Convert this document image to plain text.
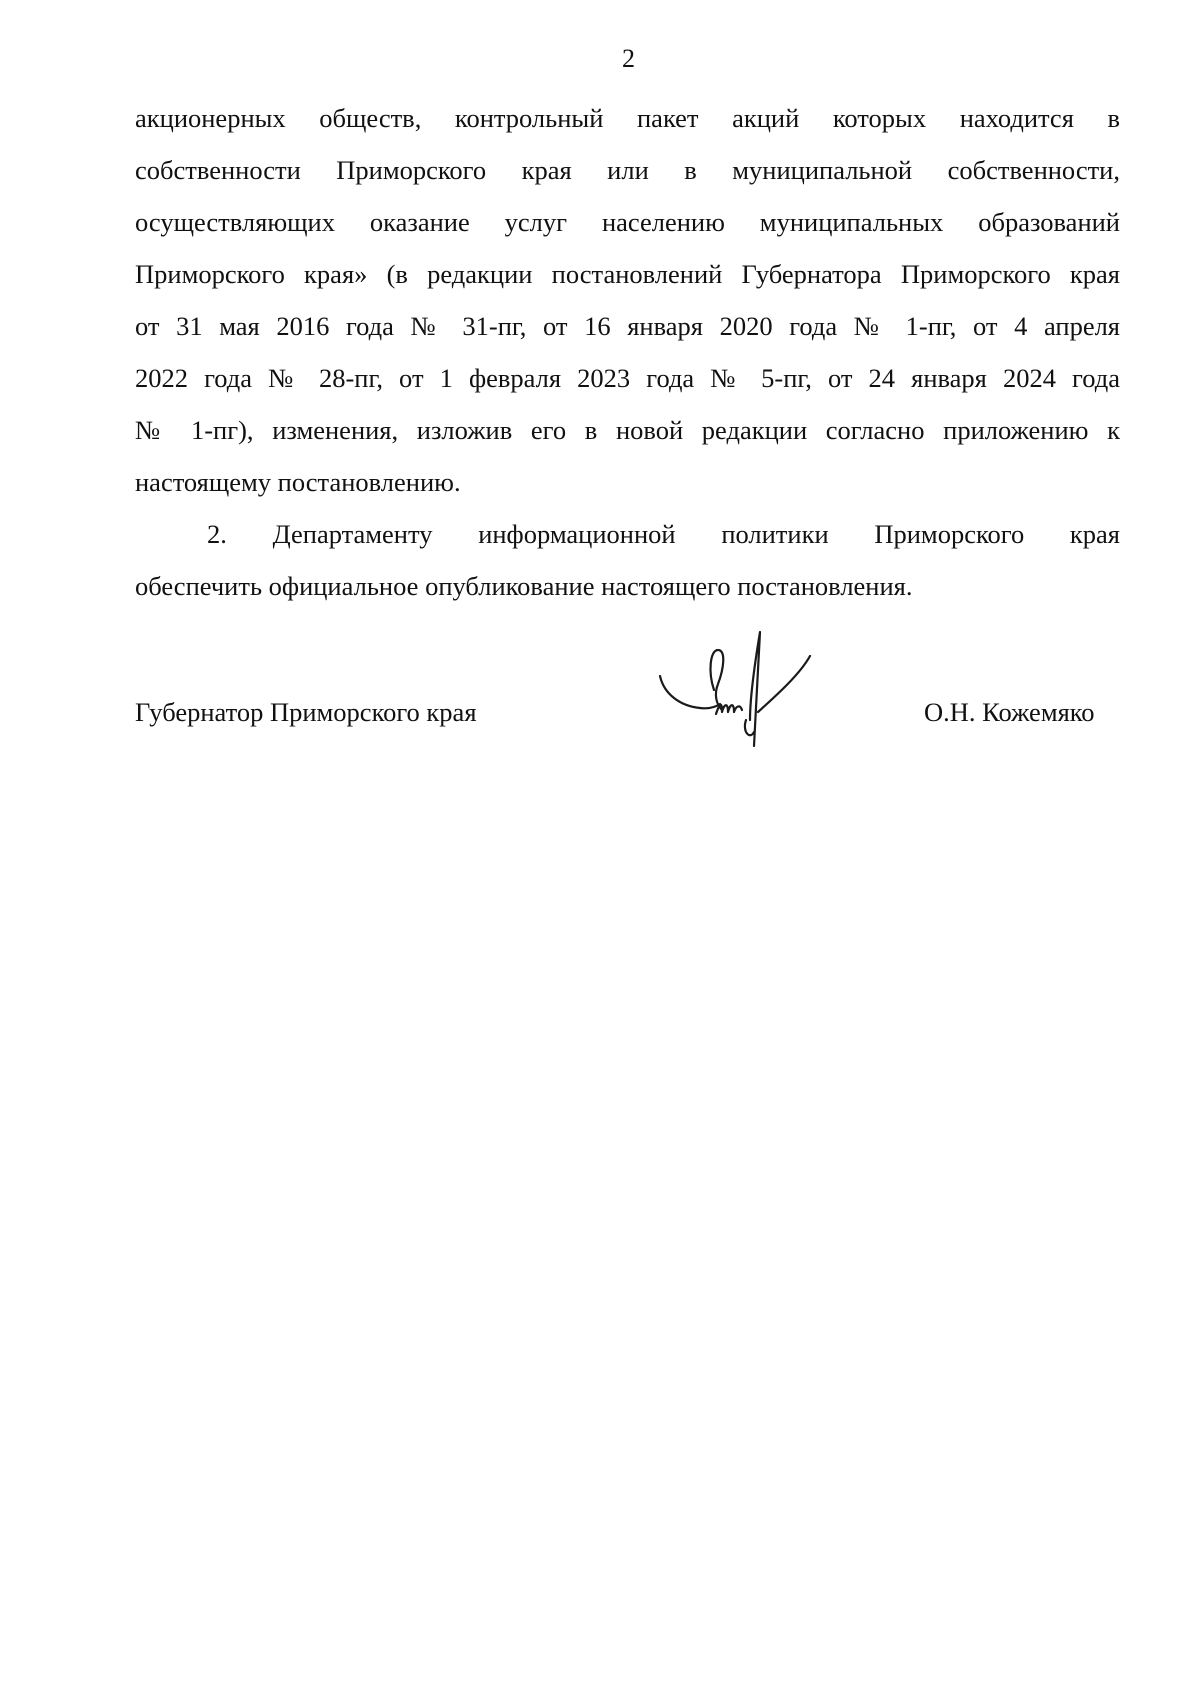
2
акционерных обществ, контрольный пакет акций которых находится в
собственности Приморского края или в муниципальной собственности,
осуществляющих оказание услуг населению муниципальных образований
Приморского края» (в редакции постановлений Губернатора Приморского края
от 31 мая 2016 года № 31-пг, от 16 января 2020 года № 1-пг, от 4 апреля
2022 года № 28-пг, от 1 февраля 2023 года № 5-пг, от 24 января 2024 года
№ 1-пг), изменения, изложив его в новой редакции согласно приложению к
настоящему постановлению.
2. Департаменту информационной политики Приморского края
обеспечить официальное опубликование настоящего постановления.
Губернатор Приморского края	О.Н. Кожемяко
